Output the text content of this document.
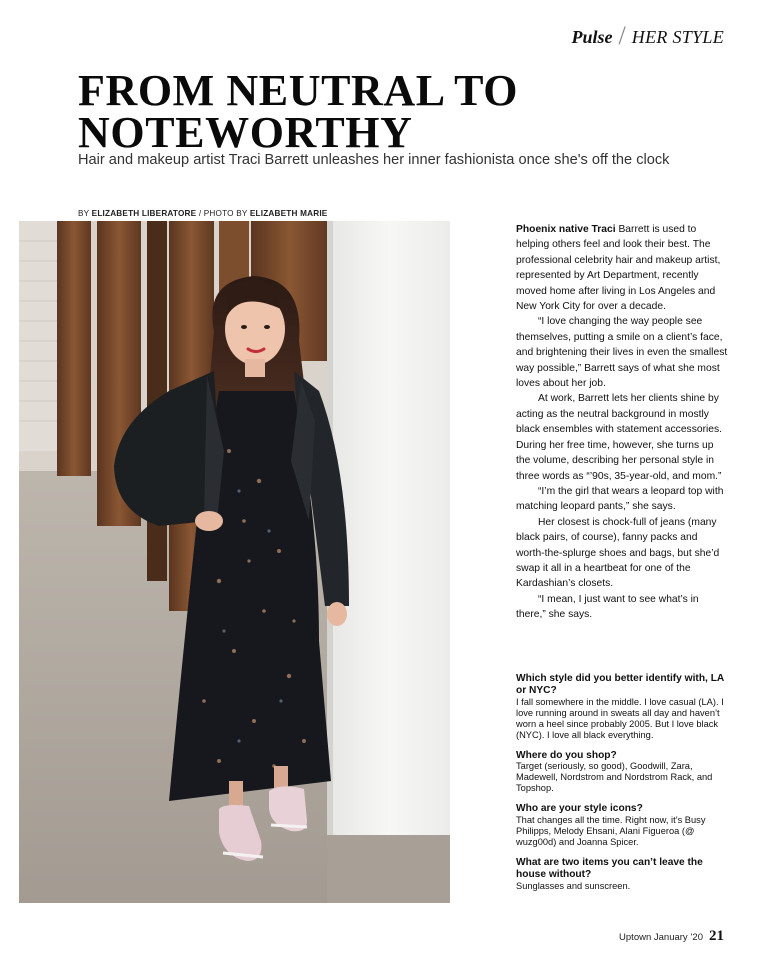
Pulse / HER STYLE
FROM NEUTRAL TO
NOTEWORTHY
Hair and makeup artist Traci Barrett unleashes her inner fashionista once she's off the clock
BY ELIZABETH LIBERATORE / PHOTO BY ELIZABETH MARIE

Phoenix native Traci Barrett is used to helping others feel and look their best. The professional celebrity hair and makeup artist, represented by Art Department, recently moved home after living in Los Angeles and New York City for over a decade.

“I love changing the way people see themselves, putting a smile on a client’s face, and brightening their lives in even the smallest way possible,” Barrett says of what she most loves about her job.

At work, Barrett lets her clients shine by acting as the neutral background in mostly black ensembles with statement accessories. During her free time, however, she turns up the volume, describing her personal style in three words as “’90s, 35-year-old, and mom.”

“I’m the girl that wears a leopard top with matching leopard pants,” she says.

Her closest is chock-full of jeans (many black pairs, of course), fanny packs and worth-the-splurge shoes and bags, but she’d swap it all in a heartbeat for one of the Kardashian’s closets.

“I mean, I just want to see what’s in there,” she says.

Which style did you better identify with, LA or NYC?
I fall somewhere in the middle. I love casual (LA). I love running around in sweats all day and haven’t worn a heel since probably 2005. But I love black (NYC). I love all black everything.
Where do you shop?
Target (seriously, so good), Goodwill, Zara, Madewell, Nordstrom and Nordstrom Rack, and Topshop.
Who are your style icons?
That changes all the time. Right now, it’s Busy Philipps, Melody Ehsani, Alani Figueroa (@ wuzg00d) and Joanna Spicer.
What are two items you can’t leave the house without?
Sunglasses and sunscreen.
Uptown January ’20 21
